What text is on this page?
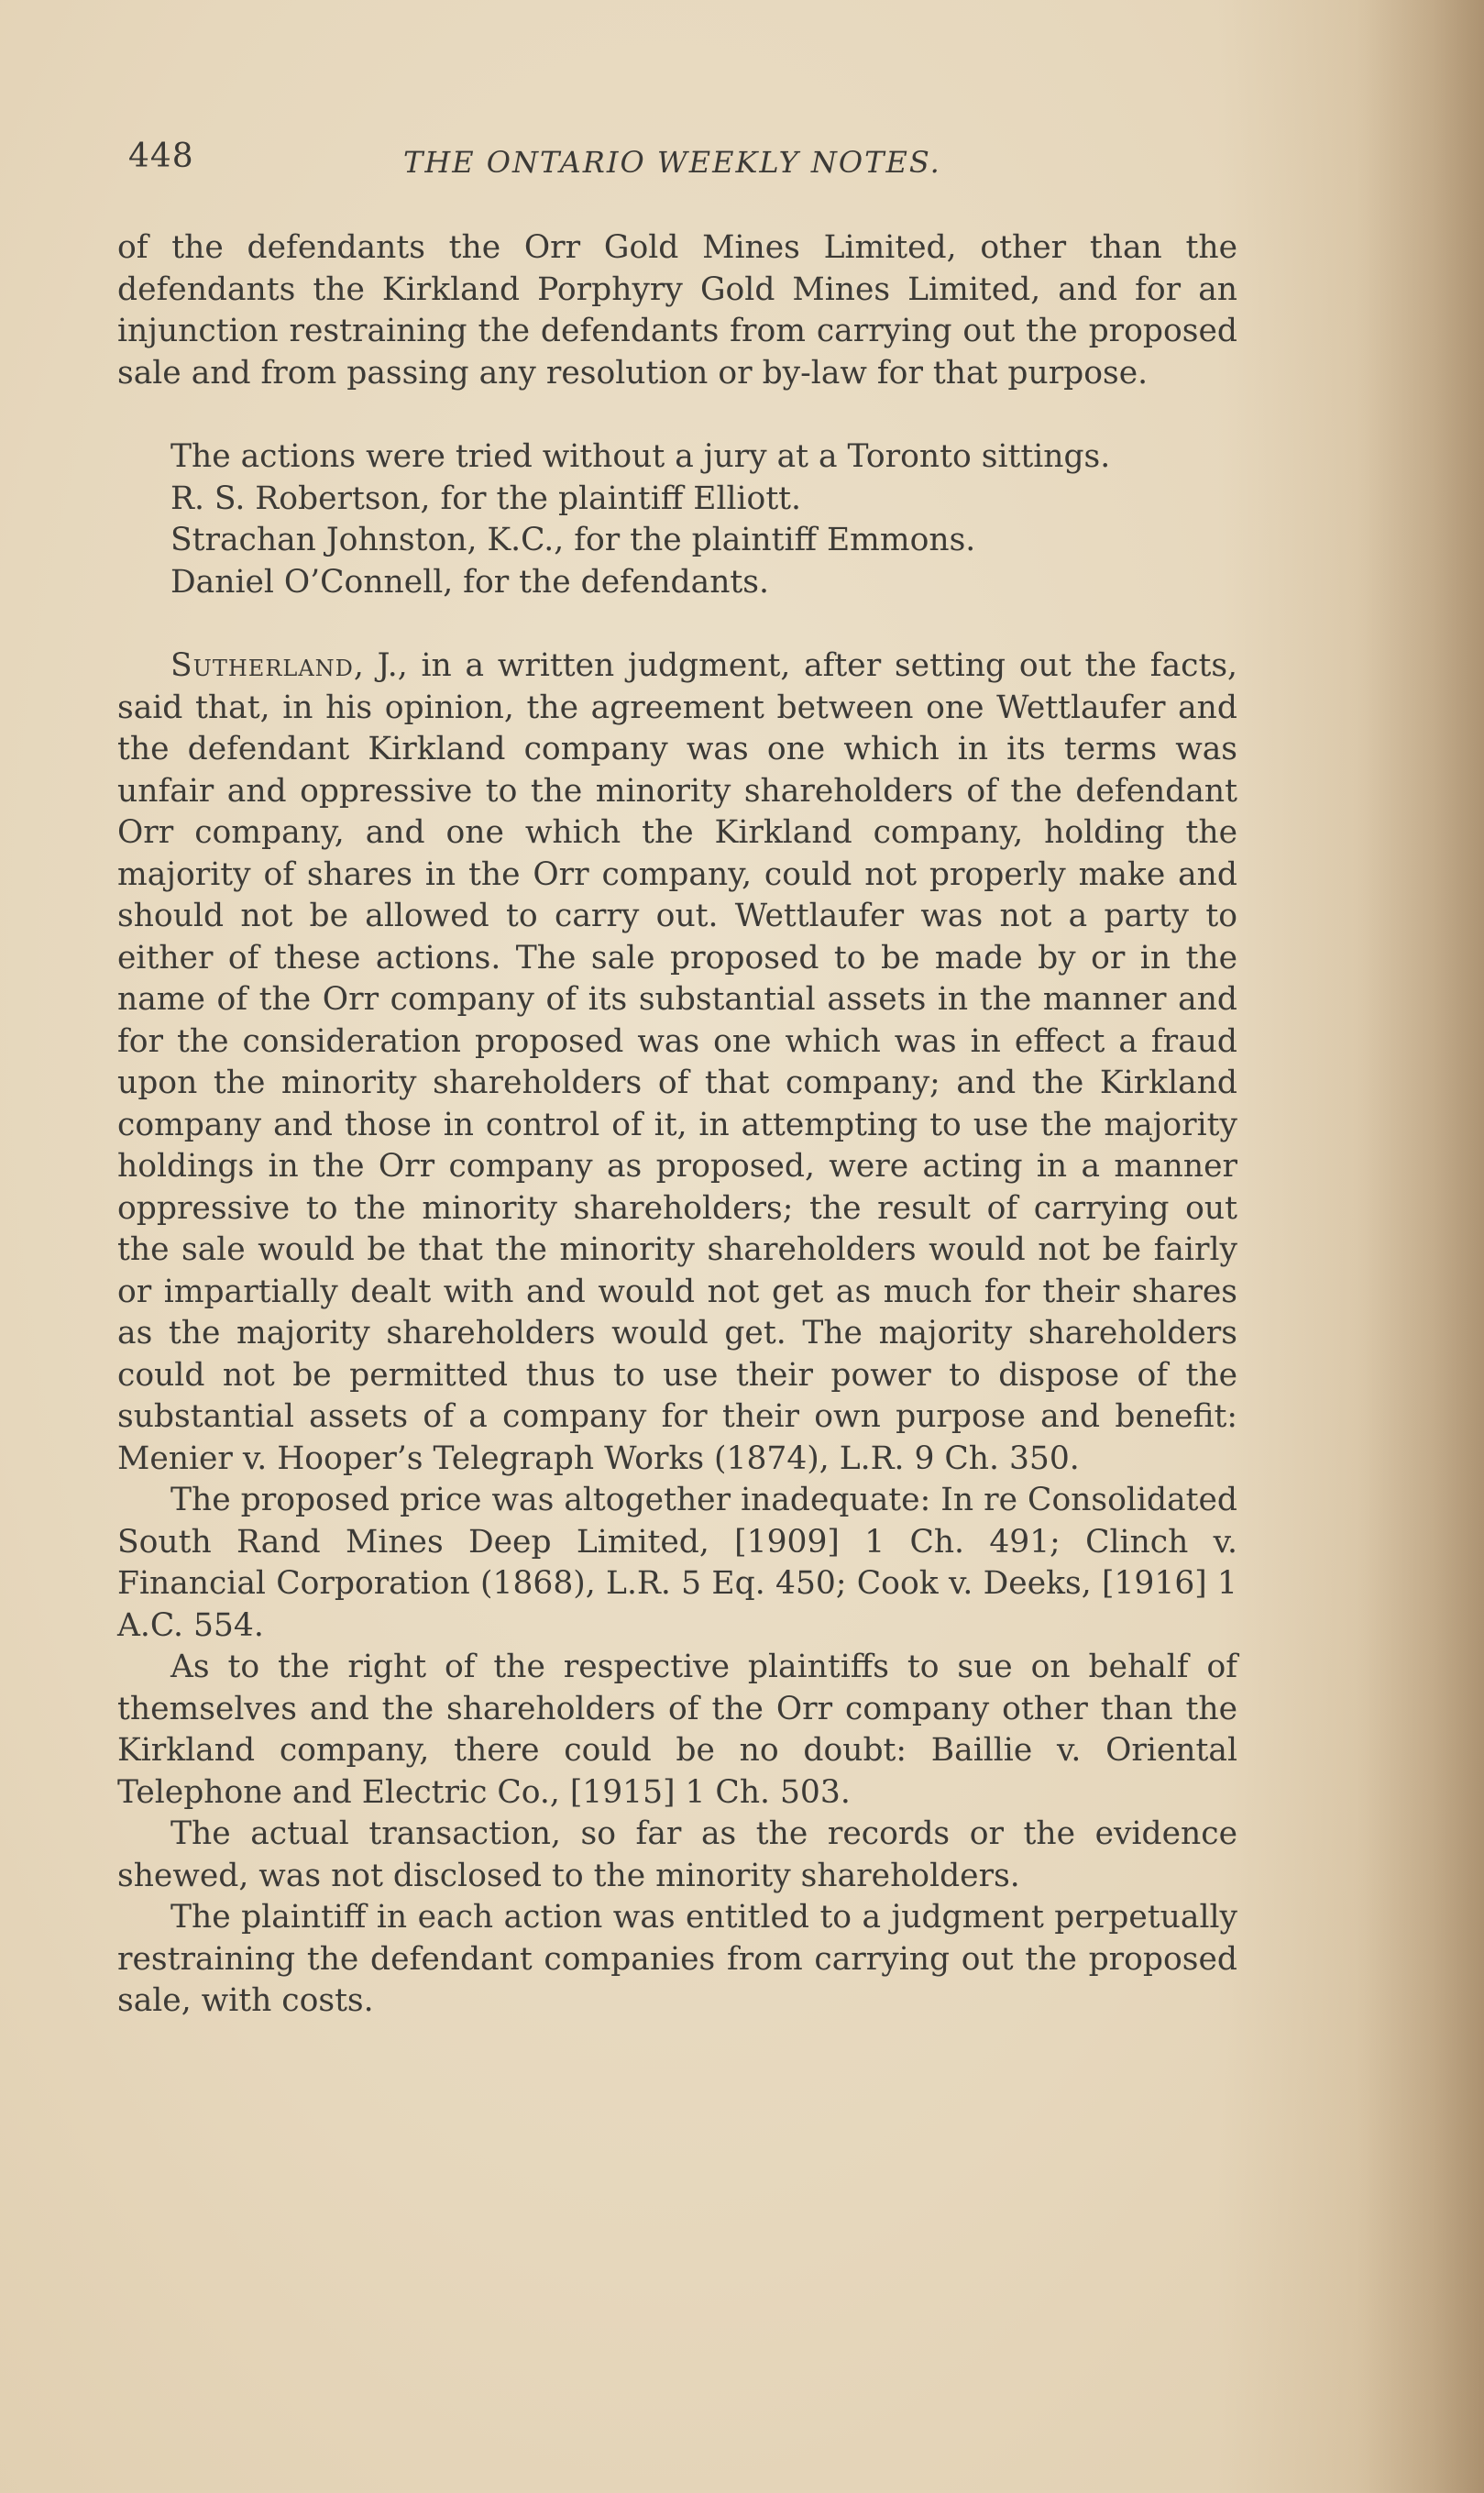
448	THE ONTARIO WEEKLY NOTES.

of the defendants the Orr Gold Mines Limited, other than the defendants the Kirkland Porphyry Gold Mines Limited, and for an injunction restraining the defendants from carrying out the proposed sale and from passing any resolution or by-law for that purpose.

The actions were tried without a jury at a Toronto sittings.

R. S. Robertson, for the plaintiff Elliott.

Strachan Johnston, K.C., for the plaintiff Emmons.

Daniel O’Connell, for the defendants.

Sutherland, J., in a written judgment, after setting out the facts, said that, in his opinion, the agreement between one Wettlaufer and the defendant Kirkland company was one which in its terms was unfair and oppressive to the minority shareholders of the defendant Orr company, and one which the Kirkland company, holding the majority of shares in the Orr company, could not properly make and should not be allowed to carry out. Wettlaufer was not a party to either of these actions. The sale proposed to be made by or in the name of the Orr company of its substantial assets in the manner and for the consideration proposed was one which was in effect a fraud upon the minority shareholders of that company; and the Kirkland company and those in control of it, in attempting to use the majority holdings in the Orr company as proposed, were acting in a manner oppressive to the minority shareholders; the result of carrying out the sale would be that the minority shareholders would not be fairly or impartially dealt with and would not get as much for their shares as the majority shareholders would get. The majority shareholders could not be permitted thus to use their power to dispose of the substantial assets of a company for their own purpose and benefit: Menier v. Hooper’s Telegraph Works (1874), L.R. 9 Ch. 350.

The proposed price was altogether inadequate: In re Consolidated South Rand Mines Deep Limited, [1909] 1 Ch. 491; Clinch v. Financial Corporation (1868), L.R. 5 Eq. 450; Cook v. Deeks, [1916] 1 A.C. 554.

As to the right of the respective plaintiffs to sue on behalf of themselves and the shareholders of the Orr company other than the Kirkland company, there could be no doubt: Baillie v. Oriental Telephone and Electric Co., [1915] 1 Ch. 503.

The actual transaction, so far as the records or the evidence shewed, was not disclosed to the minority shareholders.

The plaintiff in each action was entitled to a judgment perpetually restraining the defendant companies from carrying out the proposed sale, with costs.
